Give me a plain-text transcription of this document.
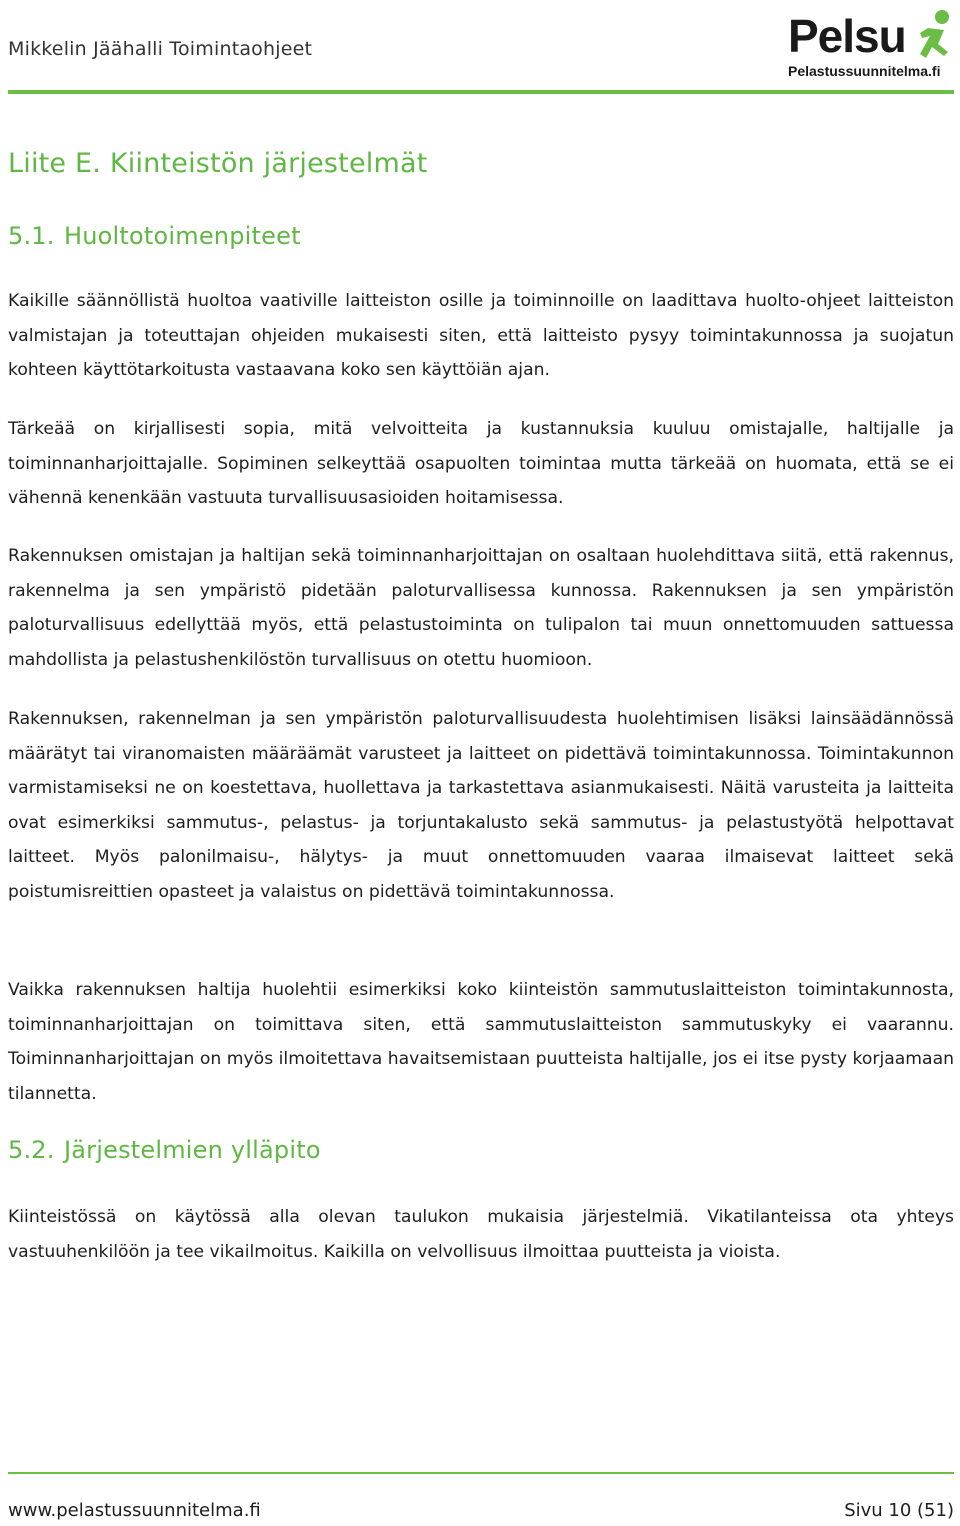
Mikkelin Jäähalli Toimintaohjeet	Pelsu
Pelastussuunnitelma.fi
Liite E. Kiinteistön järjestelmät
5.1. Huoltotoimenpiteet

Kaikille säännöllistä huoltoa vaativille laitteiston osille ja toiminnoille on laadittava huolto-ohjeet laitteiston valmistajan ja toteuttajan ohjeiden mukaisesti siten, että laitteisto pysyy toimintakunnossa ja suojatun kohteen käyttötarkoitusta vastaavana koko sen käyttöiän ajan.

Tärkeää on kirjallisesti sopia, mitä velvoitteita ja kustannuksia kuuluu omistajalle, haltijalle ja toiminnanharjoittajalle. Sopiminen selkeyttää osapuolten toimintaa mutta tärkeää on huomata, että se ei vähennä kenenkään vastuuta turvallisuusasioiden hoitamisessa.

Rakennuksen omistajan ja haltijan sekä toiminnanharjoittajan on osaltaan huolehdittava siitä, että rakennus, rakennelma ja sen ympäristö pidetään paloturvallisessa kunnossa. Rakennuksen ja sen ympäristön paloturvallisuus edellyttää myös, että pelastustoiminta on tulipalon tai muun onnettomuuden sattuessa mahdollista ja pelastushenkilöstön turvallisuus on otettu huomioon.

Rakennuksen, rakennelman ja sen ympäristön paloturvallisuudesta huolehtimisen lisäksi lainsäädännössä määrätyt tai viranomaisten määräämät varusteet ja laitteet on pidettävä toimintakunnossa. Toimintakunnon varmistamiseksi ne on koestettava, huollettava ja tarkastettava asianmukaisesti. Näitä varusteita ja laitteita ovat esimerkiksi sammutus-, pelastus- ja torjuntakalusto sekä sammutus- ja pelastustyötä helpottavat laitteet. Myös palonilmaisu-, hälytys- ja muut onnettomuuden vaaraa ilmaisevat laitteet sekä poistumisreittien opasteet ja valaistus on pidettävä toimintakunnossa.

Vaikka rakennuksen haltija huolehtii esimerkiksi koko kiinteistön sammutuslaitteiston toimintakunnosta, toiminnanharjoittajan on toimittava siten, että sammutuslaitteiston sammutuskyky ei vaarannu. Toiminnanharjoittajan on myös ilmoitettava havaitsemistaan puutteista haltijalle, jos ei itse pysty korjaamaan tilannetta.

5.2. Järjestelmien ylläpito

Kiinteistössä on käytössä alla olevan taulukon mukaisia järjestelmiä. Vikatilanteissa ota yhteys vastuuhenkilöön ja tee vikailmoitus. Kaikilla on velvollisuus ilmoittaa puutteista ja vioista.

www.pelastussuunnitelma.fi	Sivu 10 (51)
